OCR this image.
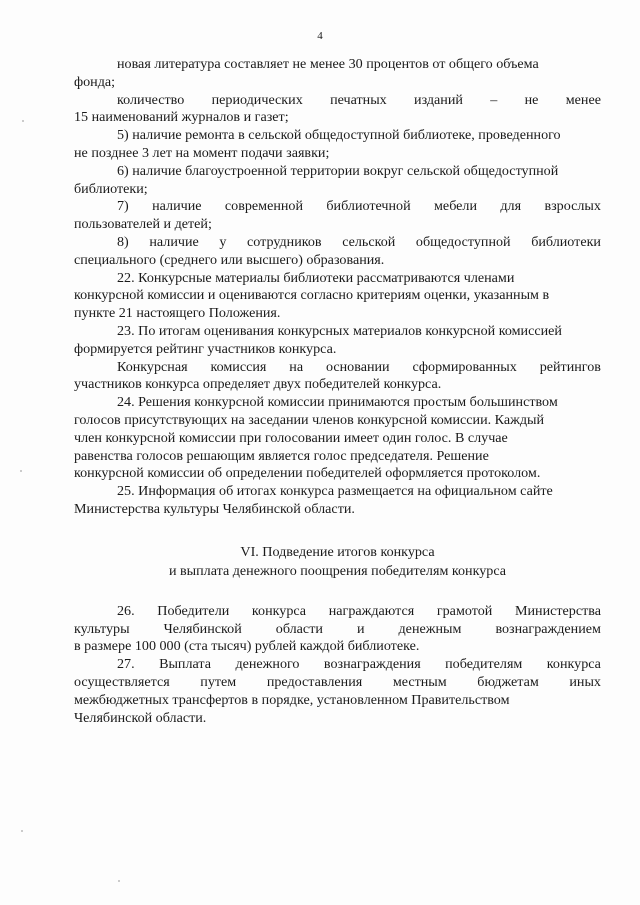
4

новая литература составляет не менее 30 процентов от общего объема
фонда;

количество периодических печатных изданий – не менее
15 наименований журналов и газет;

5) наличие ремонта в сельской общедоступной библиотеке, проведенного
не позднее 3 лет на момент подачи заявки;

6) наличие благоустроенной территории вокруг сельской общедоступной
библиотеки;

7) наличие современной библиотечной мебели для взрослых
пользователей и детей;

8) наличие у сотрудников сельской общедоступной библиотеки
специального (среднего или высшего) образования.

22. Конкурсные материалы библиотеки рассматриваются членами
конкурсной комиссии и оцениваются согласно критериям оценки, указанным в
пункте 21 настоящего Положения.

23. По итогам оценивания конкурсных материалов конкурсной комиссией
формируется рейтинг участников конкурса.

Конкурсная комиссия на основании сформированных рейтингов
участников конкурса определяет двух победителей конкурса.

24. Решения конкурсной комиссии принимаются простым большинством
голосов присутствующих на заседании членов конкурсной комиссии. Каждый
член конкурсной комиссии при голосовании имеет один голос. В случае
равенства голосов решающим является голос председателя. Решение
конкурсной комиссии об определении победителей оформляется протоколом.

25. Информация об итогах конкурса размещается на официальном сайте
Министерства культуры Челябинской области.

VI. Подведение итогов конкурса
и выплата денежного поощрения победителям конкурса

26. Победители конкурса награждаются грамотой Министерства
культуры Челябинской области и денежным вознаграждением
в размере 100 000 (ста тысяч) рублей каждой библиотеке.

27. Выплата денежного вознаграждения победителям конкурса
осуществляется путем предоставления местным бюджетам иных
межбюджетных трансфертов в порядке, установленном Правительством
Челябинской области.
